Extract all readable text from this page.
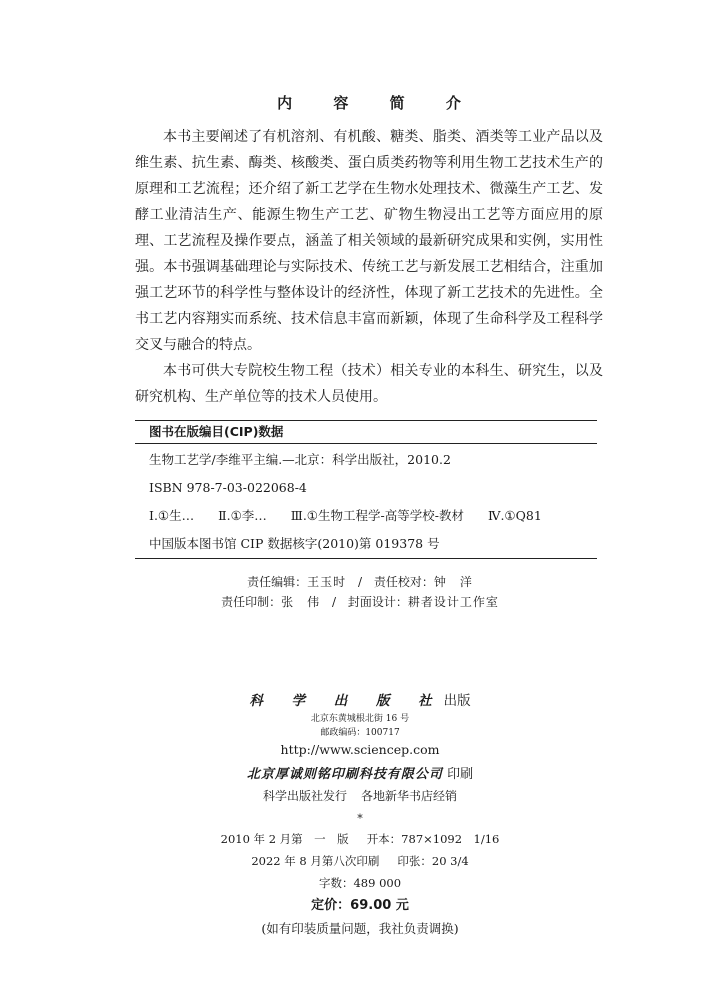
内 容 简 介

本书主要阐述了有机溶剂、有机酸、糖类、脂类、酒类等工业产品以及维生素、抗生素、酶类、核酸类、蛋白质类药物等利用生物工艺技术生产的原理和工艺流程；还介绍了新工艺学在生物水处理技术、微藻生产工艺、发酵工业清洁生产、能源生物生产工艺、矿物生物浸出工艺等方面应用的原理、工艺流程及操作要点，涵盖了相关领域的最新研究成果和实例，实用性强。本书强调基础理论与实际技术、传统工艺与新发展工艺相结合，注重加强工艺环节的科学性与整体设计的经济性，体现了新工艺技术的先进性。全书工艺内容翔实而系统、技术信息丰富而新颖，体现了生命科学及工程科学交叉与融合的特点。

本书可供大专院校生物工程（技术）相关专业的本科生、研究生，以及研究机构、生产单位等的技术人员使用。

图书在版编目(CIP)数据
生物工艺学/李维平主编.—北京：科学出版社，2010.2
ISBN 978-7-03-022068-4
Ⅰ.①生… Ⅱ.①李… Ⅲ.①生物工程学-高等学校-教材 Ⅳ.①Q81
中国版本图书馆 CIP 数据核字(2010)第 019378 号
责任编辑：王玉时 / 责任校对：钟　洋
责任印制：张　伟 / 封面设计：耕者设计工作室
科 学 出 版 社出版
北京东黄城根北街 16 号
邮政编码：100717
http://www.sciencep.com
北京厚诚则铭印刷科技有限公司 印刷
科学出版社发行 各地新华书店经销
*
2010 年 2 月第　一　版 开本：787×1092　1/16
2022 年 8 月第八次印刷 印张：20 3/4
字数：489 000
定价：69.00 元
(如有印装质量问题，我社负责调换)
